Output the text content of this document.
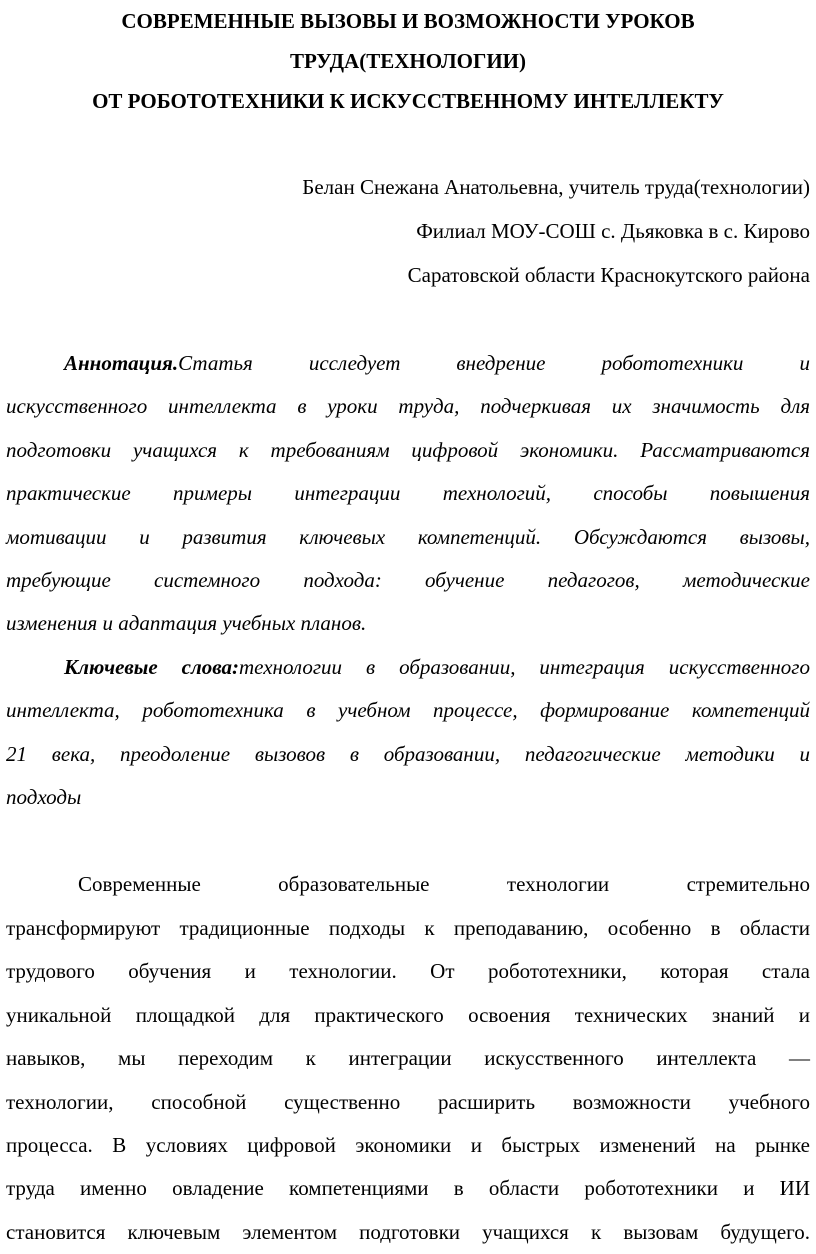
СОВРЕМЕННЫЕ ВЫЗОВЫ И ВОЗМОЖНОСТИ УРОКОВ
ТРУДА(ТЕХНОЛОГИИ)
ОТ РОБОТОТЕХНИКИ К ИСКУССТВЕННОМУ ИНТЕЛЛЕКТУ
Белан Снежана Анатольевна, учитель труда(технологии)
Филиал МОУ-СОШ с. Дьяковка в с. Кирово
Саратовской области Краснокутского района
Аннотация.Статья исследует внедрение робототехники и
искусственного интеллекта в уроки труда, подчеркивая их значимость для
подготовки учащихся к требованиям цифровой экономики. Рассматриваются
практические примеры интеграции технологий, способы повышения
мотивации и развития ключевых компетенций. Обсуждаются вызовы,
требующие системного подхода: обучение педагогов, методические
изменения и адаптация учебных планов.
Ключевые слова:технологии в образовании, интеграция искусственного
интеллекта, робототехника в учебном процессе, формирование компетенций
21 века, преодоление вызовов в образовании, педагогические методики и
подходы
Современные образовательные технологии стремительно
трансформируют традиционные подходы к преподаванию, особенно в области
трудового обучения и технологии. От робототехники, которая стала
уникальной площадкой для практического освоения технических знаний и
навыков, мы переходим к интеграции искусственного интеллекта —
технологии, способной существенно расширить возможности учебного
процесса. В условиях цифровой экономики и быстрых изменений на рынке
труда именно овладение компетенциями в области робототехники и ИИ
становится ключевым элементом подготовки учащихся к вызовам будущего.
